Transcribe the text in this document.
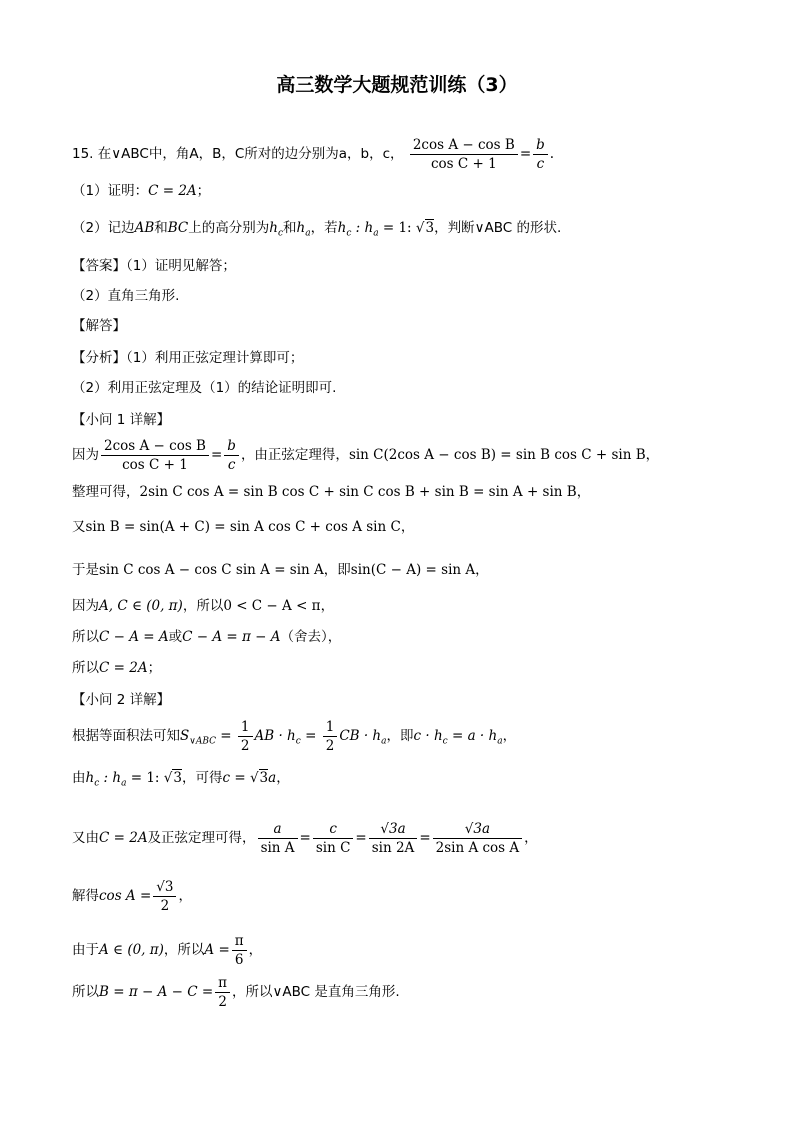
高三数学大题规范训练（3）
15. 在∨ABC中，角A，B，C所对的边分别为a，b，c， $\frac{\text{2cos A − cos B}}{\text{cos C + 1}} = \frac{b}{c}$ .
（1）证明：C = 2A；
（2）记边AB和BC上的高分别为$h_c$和$h_a$，若$h_c$ : $h_a = 1$: √3，判断∨ABC 的形状.
【答案】（1）证明见解答；
（2）直角三角形.
【解答】
【分析】（1）利用正弦定理计算即可；
（2）利用正弦定理及（1）的结论证明即可.
【小问 1 详解】
因为 $\frac{\text{2cos A − cos B}}{\text{cos C + 1}} = \frac{b}{c}$ ，由正弦定理得，sin C(2cos A − cos B) = sin B cos C + sin B，
整理可得，2sin C cos A = sin B cos C + sin C cos B + sin B = sin A + sin B，
又sin B = sin(A + C) = sin A cos C + cos A sin C，
于是sin C cos A − cos C sin A = sin A，即sin(C − A) = sin A，
因为A, C ∈ (0, π)，所以0 < C − A < π，
所以C − A = A或C − A = π − A（舍去），
所以C = 2A；
【小问 2 详解】
根据等面积法可知$S_{\vee ABC} = \frac{1}{2}$ AB · $h_c = \frac{1}{2}$ CB · $h_a$，即$c \cdot h_c = a \cdot h_a$，
由$h_c$ : $h_a = 1$: √3，可得c = √3a，
又由C = 2A及正弦定理可得， $\frac{a}{\text{sin A}} = \frac{c}{\text{sin C}} = \frac{√3a}{\sin 2A} = \frac{√3a}{\text{2sin A cos A}}$ ，
解得$\cos A = \frac{√3}{2}$ ，
由于A ∈ (0, π)，所以$A = \frac{\pi}{6}$ ，
所以$B = \pi - A - C = \frac{\pi}{2}$ ，所以∨ABC 是直角三角形.
